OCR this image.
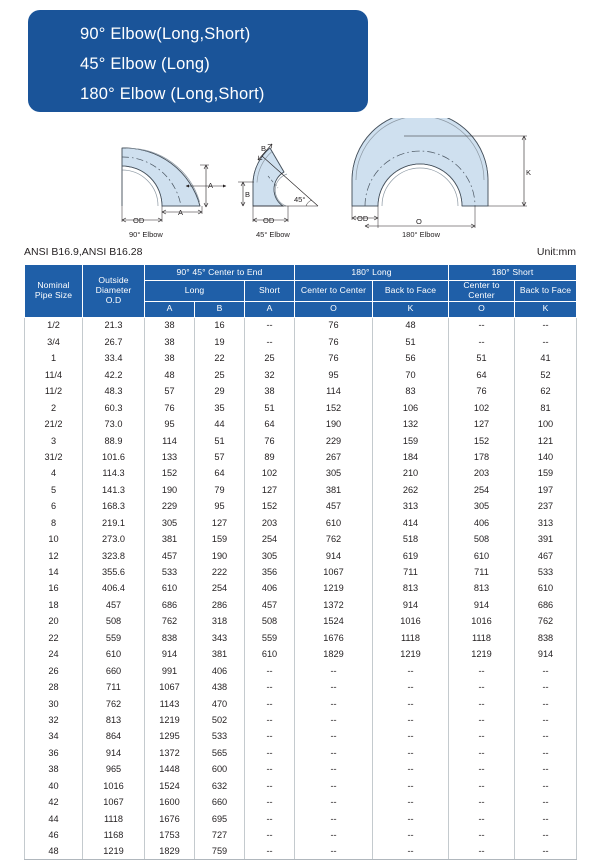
90° Elbow(Long,Short)
45° Elbow (Long)
180° Elbow (Long,Short)
A
OD
A
90° Elbow
45°
B
B
OD
45° Elbow
K
OD	O
180° Elbow
ANSI B16.9,ANSI B16.28	Unit:mm
Nominal
Pipe Size	Outside
Diameter
O.D	90° 45° Center to End			180° Long		180° Short	
		Long		Short	Center to Center	Back to Face	Center to Center	Back to Face
		A	B	A	O	K	O	K
1/2	21.3	38	16	--	76	48	--	--
3/4	26.7	38	19	--	76	51	--	--
1	33.4	38	22	25	76	56	51	41
11/4	42.2	48	25	32	95	70	64	52
11/2	48.3	57	29	38	114	83	76	62
2	60.3	76	35	51	152	106	102	81
21/2	73.0	95	44	64	190	132	127	100
3	88.9	114	51	76	229	159	152	121
31/2	101.6	133	57	89	267	184	178	140
4	114.3	152	64	102	305	210	203	159
5	141.3	190	79	127	381	262	254	197
6	168.3	229	95	152	457	313	305	237
8	219.1	305	127	203	610	414	406	313
10	273.0	381	159	254	762	518	508	391
12	323.8	457	190	305	914	619	610	467
14	355.6	533	222	356	1067	711	711	533
16	406.4	610	254	406	1219	813	813	610
18	457	686	286	457	1372	914	914	686
20	508	762	318	508	1524	1016	1016	762
22	559	838	343	559	1676	1118	1118	838
24	610	914	381	610	1829	1219	1219	914
26	660	991	406	--	--	--	--	--
28	711	1067	438	--	--	--	--	--
30	762	1143	470	--	--	--	--	--
32	813	1219	502	--	--	--	--	--
34	864	1295	533	--	--	--	--	--
36	914	1372	565	--	--	--	--	--
38	965	1448	600	--	--	--	--	--
40	1016	1524	632	--	--	--	--	--
42	1067	1600	660	--	--	--	--	--
44	1118	1676	695	--	--	--	--	--
46	1168	1753	727	--	--	--	--	--
48	1219	1829	759	--	--	--	--	--
